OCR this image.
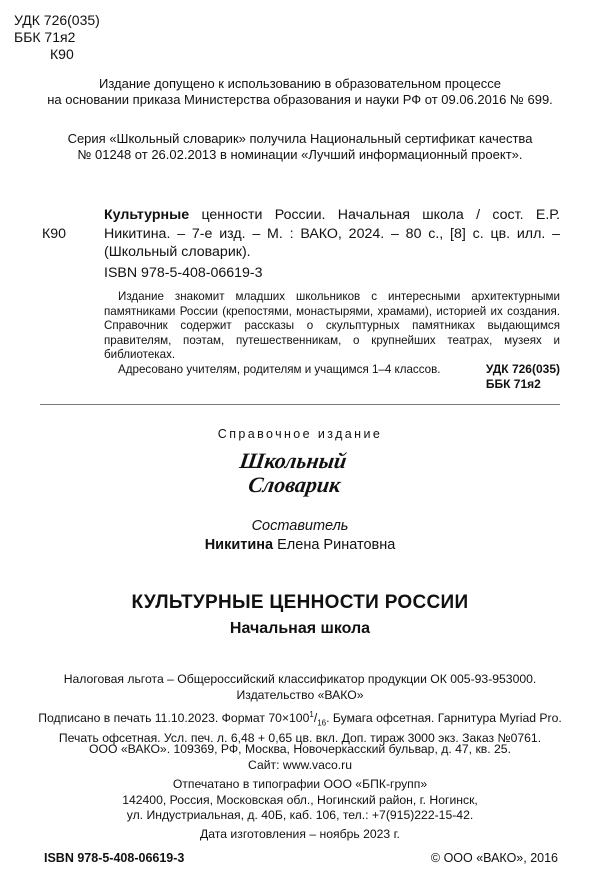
УДК 726(035)
ББК 71я2
К90
Издание допущено к использованию в образовательном процессе
на основании приказа Министерства образования и науки РФ от 09.06.2016 № 699.
Серия «Школьный словарик» получила Национальный сертификат качества
№ 01248 от 26.02.2013 в номинации «Лучший информационный проект».
К90
Культурные ценности России. Начальная школа / сост. Е.Р. Никитина. – 7-е изд. – М. : ВАКО, 2024. – 80 с., [8] с. цв. илл. – (Школьный словарик).
ISBN 978-5-408-06619-3

Издание знакомит младших школьников с интересными архитектурными памятниками России (крепостями, монастырями, храмами), историей их создания. Справочник содержит рассказы о скульптурных памятниках выдающимся правителям, поэтам, путешественникам, о крупнейших театрах, музеях и библиотеках.

Адресовано учителям, родителям и учащимся 1–4 классов.	УДК 726(035)
ББК 71я2
Справочное издание
Школьный
Словарик
Составитель
Никитина Елена Ринатовна
КУЛЬТУРНЫЕ ЦЕННОСТИ РОССИИ
Начальная школа
Налоговая льгота – Общероссийский классификатор продукции ОК 005-93-953000.
Издательство «ВАКО»
Подписано в печать 11.10.2023. Формат $70\times 100^1/_{16}$. Бумага офсетная. Гарнитура Myriad Pro.
Печать офсетная. Усл. печ. л. 6,48 + 0,65 цв. вкл. Доп. тираж 3000 экз. Заказ №0761.
ООО «ВАКО». 109369, РФ, Москва, Новочеркасский бульвар, д. 47, кв. 25.
Сайт: www.vaco.ru
Отпечатано в типографии ООО «БПК-групп»
142400, Россия, Московская обл., Ногинский район, г. Ногинск,
ул. Индустриальная, д. 40Б, каб. 106, тел.: +7(915)222-15-42.
Дата изготовления – ноябрь 2023 г.
ISBN 978-5-408-06619-3	© ООО «ВАКО», 2016
